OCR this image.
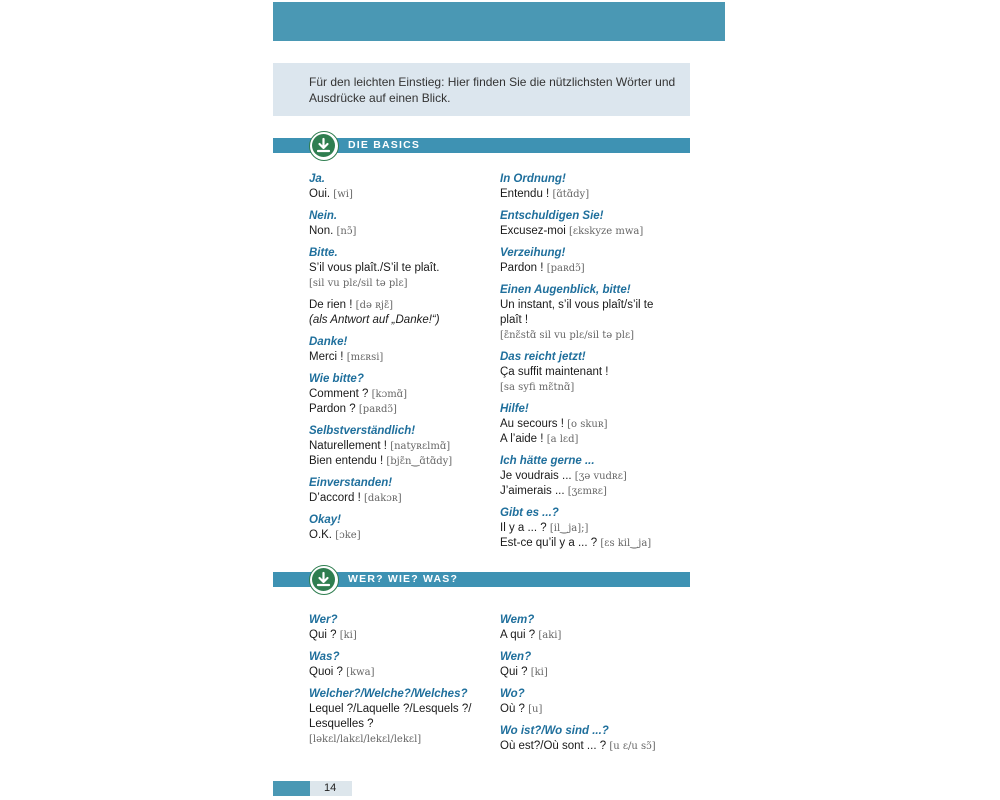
Für den leichten Einstieg: Hier finden Sie die nützlichsten Wörter und Ausdrücke auf einen Blick.
DIE BASICS
Ja.
Oui. [wi]
Nein.
Non. [nɔ̃]
Bitte.
S’il vous plaît./S’il te plaît.
[sil vu plɛ/sil tə plɛ]
De rien ! [də ʀjɛ̃]
(als Antwort auf „Danke!“)
Danke!
Merci ! [mɛʀsi]
Wie bitte?
Comment ? [kɔmɑ̃]
Pardon ? [paʀdɔ̃]
Selbstverständlich!
Naturellement ! [natyʀɛlmɑ̃]
Bien entendu ! [bjɛ̃n‿ɑ̃tɑ̃dy]
Einverstanden!
D’accord ! [dakɔʀ]
Okay!
O.K. [ɔke]
In Ordnung!
Entendu ! [ɑ̃tɑ̃dy]
Entschuldigen Sie!
Excusez-moi [ɛkskyze mwa]
Verzeihung!
Pardon ! [paʀdɔ̃]
Einen Augenblick, bitte!
Un instant, s’il vous plaît/s’il te
plaît !
[ɛ̃nɛ̃stɑ̃ sil vu plɛ/sil tə plɛ]
Das reicht jetzt!
Ça suffit maintenant !
[sa syfi mɛ̃tnɑ̃]
Hilfe!
Au secours ! [o skuʀ]
A l’aide ! [a lɛd]
Ich hätte gerne ...
Je voudrais ... [ʒə vudʀɛ]
J’aimerais ... [ʒɛmʀɛ]
Gibt es ...?
Il y a ... ? [il‿ja];]
Est-ce qu’il y a ... ? [ɛs kil‿ja]
WER? WIE? WAS?
Wer?
Qui ? [ki]
Was?
Quoi ? [kwa]
Welcher?/Welche?/Welches?
Lequel ?/Laquelle ?/Lesquels ?/
Lesquelles ?
[ləkɛl/lakɛl/lekɛl/lekɛl]
Wem?
A qui ? [aki]
Wen?
Qui ? [ki]
Wo?
Où ? [u]
Wo ist?/Wo sind ...?
Où est?/Où sont ... ? [u ɛ/u sɔ̃]
14
